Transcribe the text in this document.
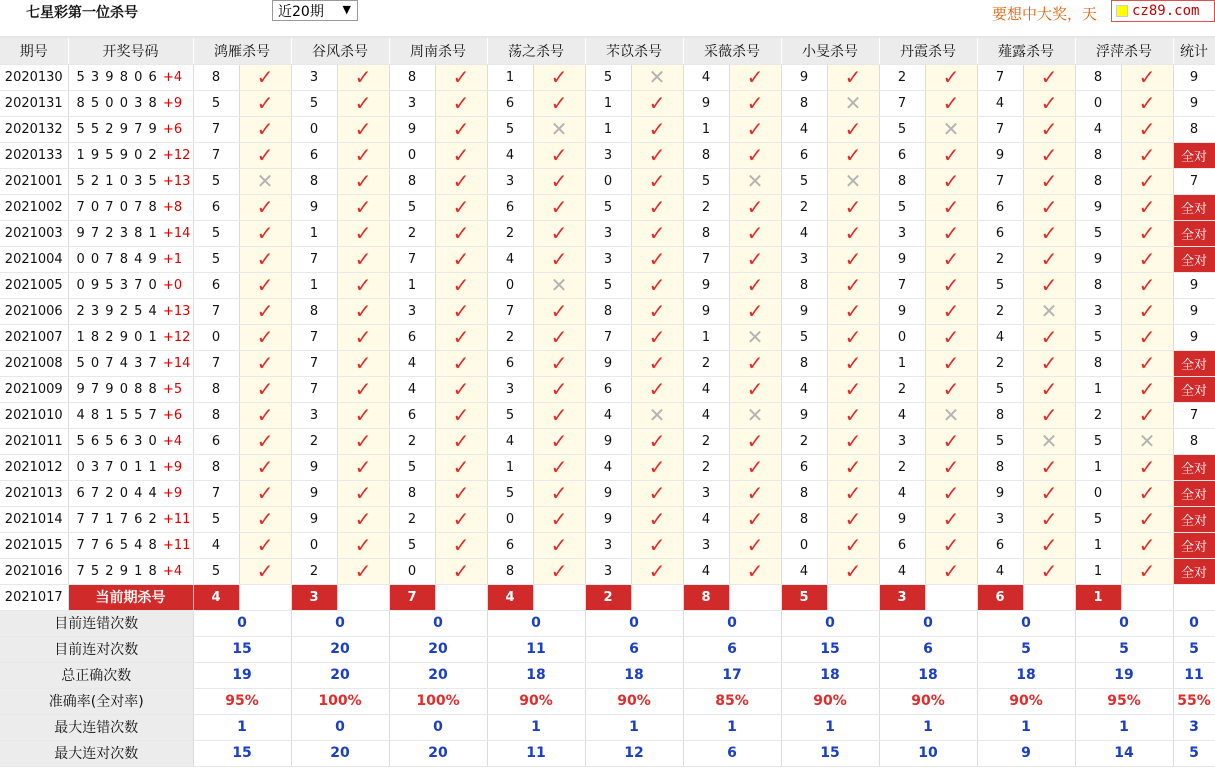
七星彩第一位杀号	近20期 ▼	要想中大奖，天 cz89.com
期号	开奖号码	鸿雁杀号		谷风杀号		周南杀号		荡之杀号		芣苡杀号		采薇杀号		小旻杀号		丹霞杀号		薤露杀号		浮萍杀号		统计
2020130	5 3 9 8 0 6 +4	8	✓	3	✓	8	✓	1	✓	5	✕	4	✓	9	✓	2	✓	7	✓	8	✓	9
2020131	8 5 0 0 3 8 +9	5	✓	5	✓	3	✓	6	✓	1	✓	9	✓	8	✕	7	✓	4	✓	0	✓	9
2020132	5 5 2 9 7 9 +6	7	✓	0	✓	9	✓	5	✕	1	✓	1	✓	4	✓	5	✕	7	✓	4	✓	8
2020133	1 9 5 9 0 2 +12	7	✓	6	✓	0	✓	4	✓	3	✓	8	✓	6	✓	6	✓	9	✓	8	✓	全对
2021001	5 2 1 0 3 5 +13	5	✕	8	✓	8	✓	3	✓	0	✓	5	✕	5	✕	8	✓	7	✓	8	✓	7
2021002	7 0 7 0 7 8 +8	6	✓	9	✓	5	✓	6	✓	5	✓	2	✓	2	✓	5	✓	6	✓	9	✓	全对
2021003	9 7 2 3 8 1 +14	5	✓	1	✓	2	✓	2	✓	3	✓	8	✓	4	✓	3	✓	6	✓	5	✓	全对
2021004	0 0 7 8 4 9 +1	5	✓	7	✓	7	✓	4	✓	3	✓	7	✓	3	✓	9	✓	2	✓	9	✓	全对
2021005	0 9 5 3 7 0 +0	6	✓	1	✓	1	✓	0	✕	5	✓	9	✓	8	✓	7	✓	5	✓	8	✓	9
2021006	2 3 9 2 5 4 +13	7	✓	8	✓	3	✓	7	✓	8	✓	9	✓	9	✓	9	✓	2	✕	3	✓	9
2021007	1 8 2 9 0 1 +12	0	✓	7	✓	6	✓	2	✓	7	✓	1	✕	5	✓	0	✓	4	✓	5	✓	9
2021008	5 0 7 4 3 7 +14	7	✓	7	✓	4	✓	6	✓	9	✓	2	✓	8	✓	1	✓	2	✓	8	✓	全对
2021009	9 7 9 0 8 8 +5	8	✓	7	✓	4	✓	3	✓	6	✓	4	✓	4	✓	2	✓	5	✓	1	✓	全对
2021010	4 8 1 5 5 7 +6	8	✓	3	✓	6	✓	5	✓	4	✕	4	✕	9	✓	4	✕	8	✓	2	✓	7
2021011	5 6 5 6 3 0 +4	6	✓	2	✓	2	✓	4	✓	9	✓	2	✓	2	✓	3	✓	5	✕	5	✕	8
2021012	0 3 7 0 1 1 +9	8	✓	9	✓	5	✓	1	✓	4	✓	2	✓	6	✓	2	✓	8	✓	1	✓	全对
2021013	6 7 2 0 4 4 +9	7	✓	9	✓	8	✓	5	✓	9	✓	3	✓	8	✓	4	✓	9	✓	0	✓	全对
2021014	7 7 1 7 6 2 +11	5	✓	9	✓	2	✓	0	✓	9	✓	4	✓	8	✓	9	✓	3	✓	5	✓	全对
2021015	7 7 6 5 4 8 +11	4	✓	0	✓	5	✓	6	✓	3	✓	3	✓	0	✓	6	✓	6	✓	1	✓	全对
2021016	7 5 2 9 1 8 +4	5	✓	2	✓	0	✓	8	✓	3	✓	4	✓	4	✓	4	✓	4	✓	1	✓	全对
2021017	当前期杀号	4		3		7		4		2		8		5		3		6		1		
目前连错次数		0		0		0		0		0		0		0		0		0		0		0
目前连对次数		15		20		20		11		6		6		15		6		5		5		5
总正确次数		19		20		20		18		18		17		18		18		18		19		11
准确率(全对率)		95%		100%		100%		90%		90%		85%		90%		90%		90%		95%		55%
最大连错次数		1		0		0		1		1		1		1		1		1		1		3
最大连对次数		15		20		20		11		12		6		15		10		9		14		5
